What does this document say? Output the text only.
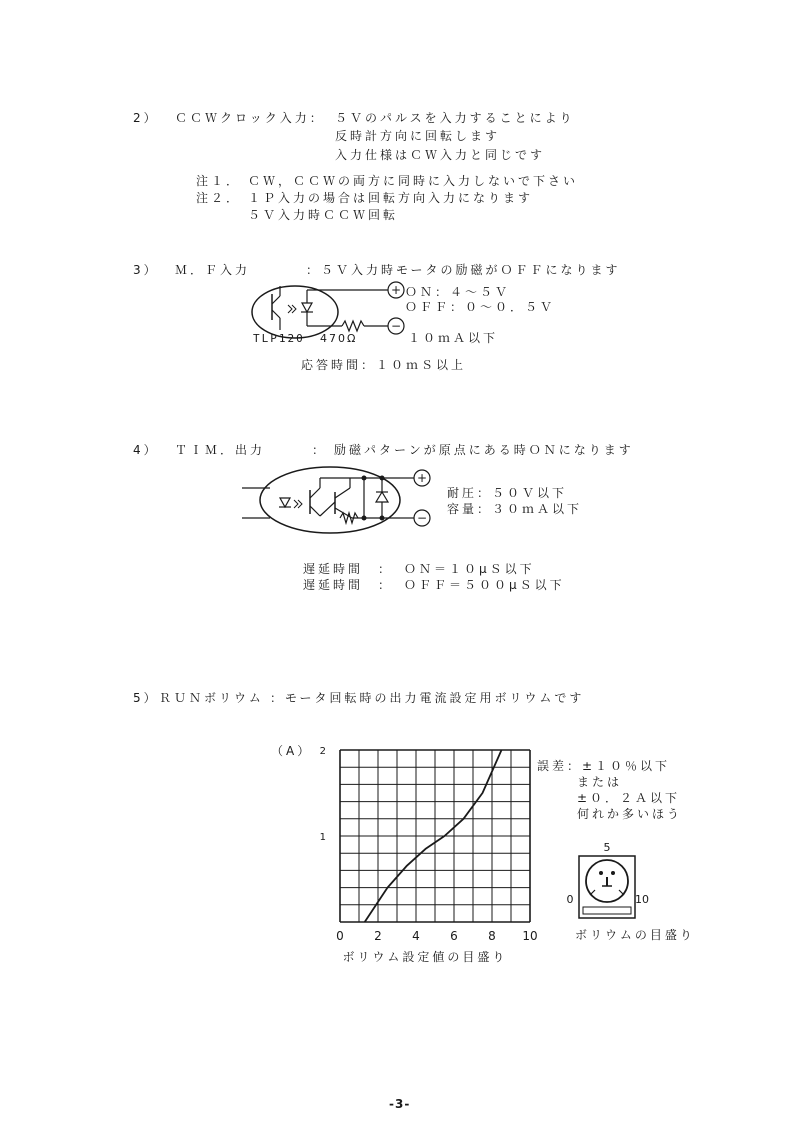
2） ＣＣＷクロック入力： ５Ｖのパルスを入力することにより
反時計方向に回転します
入力仕様はＣＷ入力と同じです
注１． ＣＷ，ＣＣＷの両方に同時に入力しないで下さい
注２． １Ｐ入力の場合は回転方向入力になります
５Ｖ入力時ＣＣＷ回転
3） Ｍ．Ｆ入力	：５Ｖ入力時モータの励磁がＯＦＦになります
+
−
TLP120 470Ω
ＯＮ：４～５Ｖ
ＯＦＦ：０～０．５Ｖ
１０ｍＡ以下
応答時間：１０ｍＳ以上
4） ＴＩＭ．出力	： 励磁パターンが原点にある時ＯＮになります
+
−
耐圧：５０Ｖ以下
容量：３０ｍＡ以下
遅延時間 ： ＯＮ＝１０μＳ以下
遅延時間 ： ＯＦＦ＝５００μＳ以下
5） ＲＵＮボリウム ：モータ回転時の出力電流設定用ボリウムです
（A）
0	2	4	6	8 10
1
2
ボリウム設定値の目盛り
誤差：±１０％以下
または
±０．２Ａ以下
何れか多いほう
5
0	10
ボリウムの目盛り
-3-
